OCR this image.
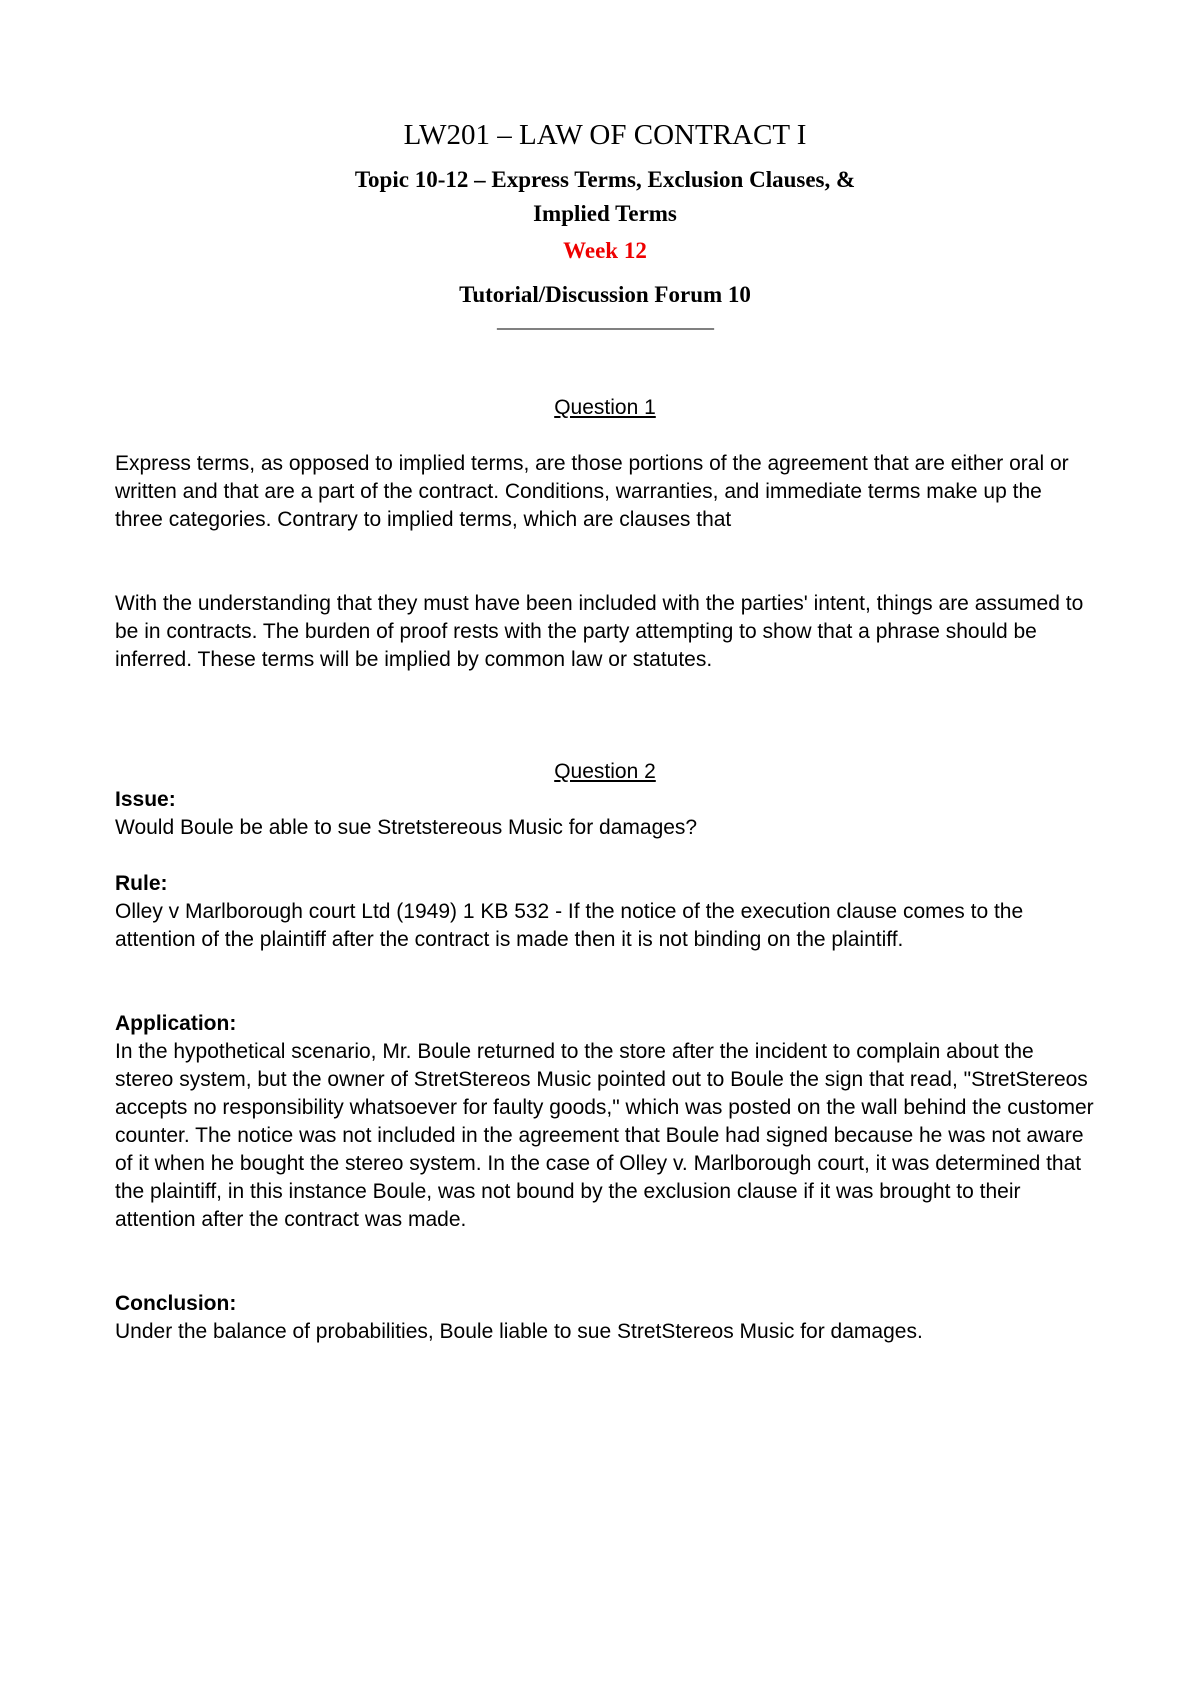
LW201 – LAW OF CONTRACT I
Topic 10-12 – Express Terms, Exclusion Clauses, &
Implied Terms
Week 12
Tutorial/Discussion Forum 10
________________________
Question 1
Express terms, as opposed to implied terms, are those portions of the agreement that are either oral or written and that are a part of the contract. Conditions, warranties, and immediate terms make up the three categories. Contrary to implied terms, which are clauses that
With the understanding that they must have been included with the parties' intent, things are assumed to be in contracts. The burden of proof rests with the party attempting to show that a phrase should be inferred. These terms will be implied by common law or statutes.
Question 2
Issue:
Would Boule be able to sue Stretstereous Music for damages?
Rule:
Olley v Marlborough court Ltd (1949) 1 KB 532 - If the notice of the execution clause comes to the attention of the plaintiff after the contract is made then it is not binding on the plaintiff.
Application:
In the hypothetical scenario, Mr. Boule returned to the store after the incident to complain about the stereo system, but the owner of StretStereos Music pointed out to Boule the sign that read, "StretStereos accepts no responsibility whatsoever for faulty goods," which was posted on the wall behind the customer counter. The notice was not included in the agreement that Boule had signed because he was not aware of it when he bought the stereo system. In the case of Olley v. Marlborough court, it was determined that the plaintiff, in this instance Boule, was not bound by the exclusion clause if it was brought to their attention after the contract was made.
Conclusion:
Under the balance of probabilities, Boule liable to sue StretStereos Music for damages.
